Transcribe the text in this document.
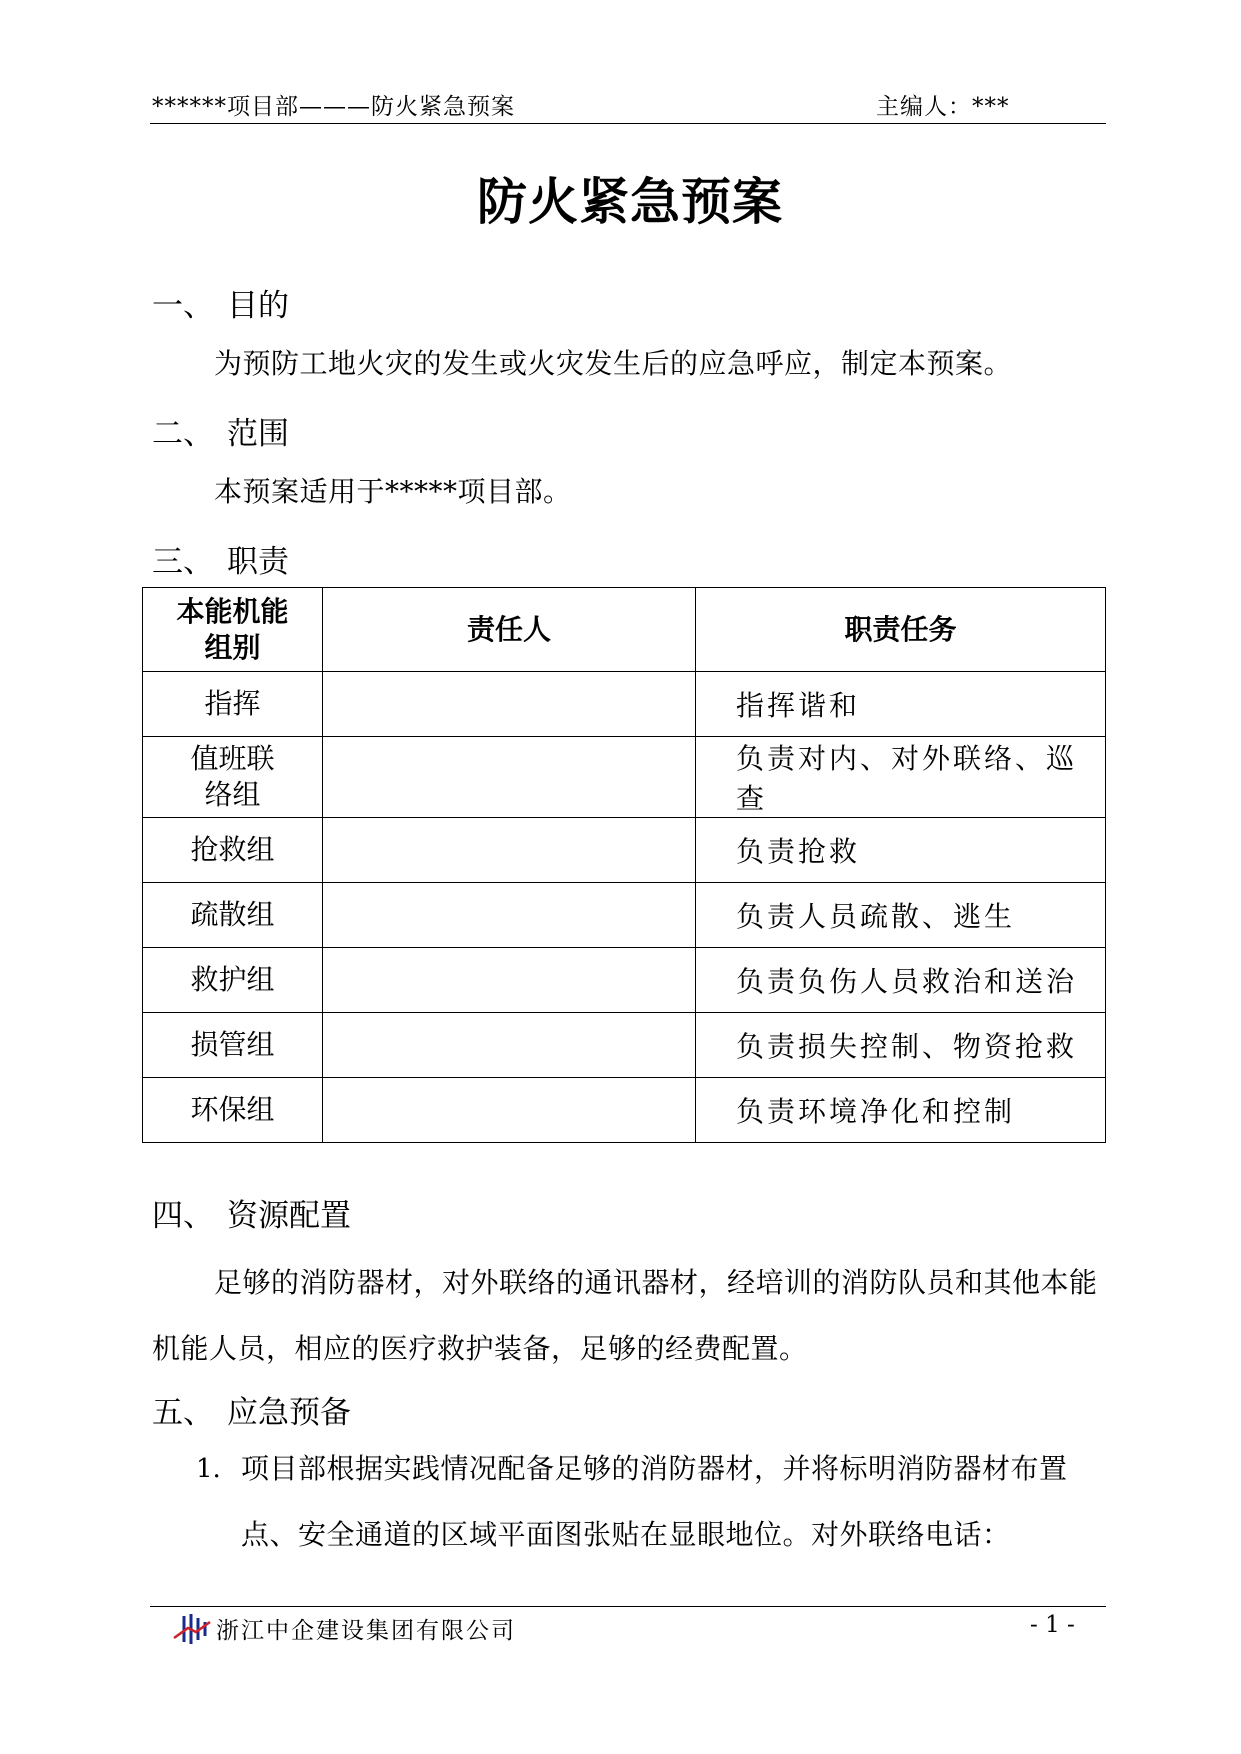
******项目部———防火紧急预案	主编人：***
防火紧急预案
一、 目的
为预防工地火灾的发生或火灾发生后的应急呼应，制定本预案。
二、 范围
本预案适用于*****项目部。
三、 职责
本能机能组别	责任人	职责任务
指挥		指挥谐和

值班联络组		负责对内、对外联络、巡查
抢救组		负责抢救
疏散组		负责人员疏散、逃生
救护组		负责负伤人员救治和送治
损管组		负责损失控制、物资抢救
环保组		负责环境净化和控制
四、 资源配置
足够的消防器材，对外联络的通讯器材，经培训的消防队员和其他本能机能人员，相应的医疗救护装备，足够的经费配置。
五、 应急预备
1. 项目部根据实践情况配备足够的消防器材，并将标明消防器材布置点、安全通道的区域平面图张贴在显眼地位。对外联络电话：
浙江中企建设集团有限公司	- 1 -
